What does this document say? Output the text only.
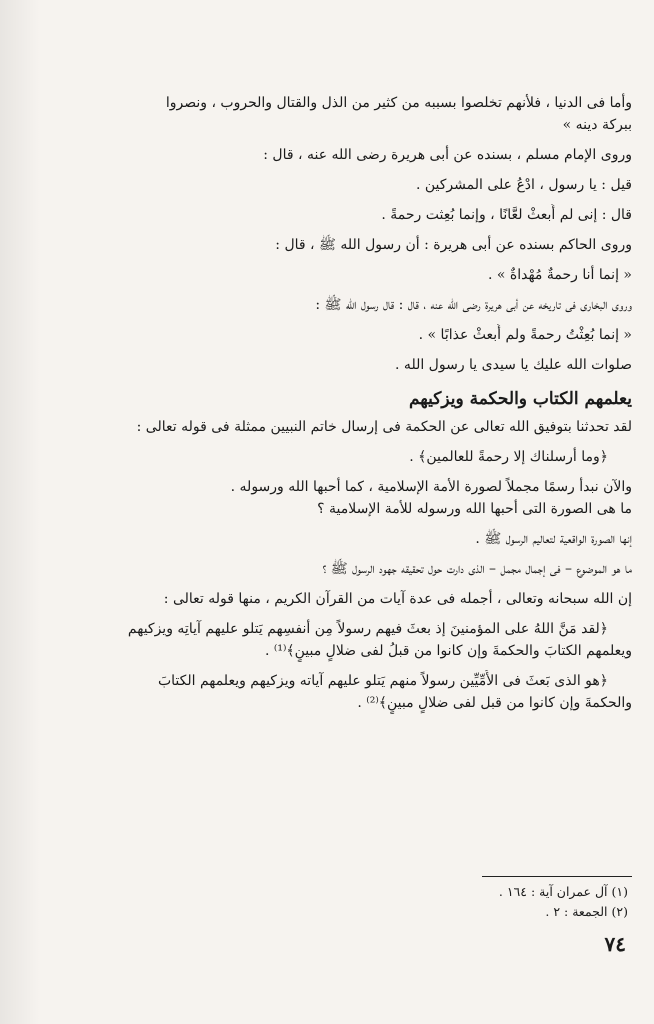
وأما فى الدنيا ، فلأنهم تخلصوا بسببه من كثير من الذل والقتال والحروب ، ونصروا
ببركة دينه »
وروى الإمام مسلم ، بسنده عن أبى هريرة رضى الله عنه ، قال :
قيل : يا رسول ، ادْعُ على المشركين .
قال : إنى لم أُبعثْ لعَّانًا ، وإنما بُعِثت رحمةً .
وروى الحاكم بسنده عن أبى هريرة : أن رسول الله ﷺ ، قال :
« إنما أنا رحمةٌ مُهْداةٌ » .
وروى البخارى فى تاريخه عن أبى هريرة رضى الله عنه ، قال : قال رسول الله ﷺ :
« إنما بُعِثْتُ رحمةً ولم أُبعثْ عذابًا » .
صلوات الله عليك يا سيدى يا رسول الله .
يعلمهم الكتاب والحكمة ويزكيهم
لقد تحدثنا بتوفيق الله تعالى عن الحكمة فى إرسال خاتم النبيين ممثلة فى قوله تعالى :
﴿وما أرسلناك إلا رحمةً للعالمين﴾ .
والآن نبدأ رسمًا مجملاً لصورة الأمة الإسلامية ، كما أحبها الله ورسوله .
ما هى الصورة التى أحبها الله ورسوله للأمة الإسلامية ؟
إنها الصورة الواقعية لتعاليم الرسول ﷺ .
ما هو الموضوع – فى إجمال مجمل – الذى دارت حول تحقيقه جهود الرسول ﷺ ؟
إن الله سبحانه وتعالى ، أجمله فى عدة آيات من القرآن الكريم ، منها قوله تعالى :
﴿لقد مَنَّ اللهُ على المؤمنينَ إذ بعثَ فيهم رسولاً مِن أنفسِهم يَتلو عليهم آياتِه ويزكيهم
ويعلمهم الكتابَ والحكمةَ وإن كانوا من قبلُ لفى ضلالٍ مبينٍ﴾⁽¹⁾ .
﴿هو الذى بَعثَ فى الأُمِّيِّين رسولاً منهم يَتلو عليهم آياته ويزكيهم ويعلمهم الكتابَ
والحكمةَ وإن كانوا من قبل لفى ضلالٍ مبينٍ﴾⁽²⁾ .
(١) آل عمران آية : ١٦٤ .
(٢) الجمعة : ٢ .
٧٤
